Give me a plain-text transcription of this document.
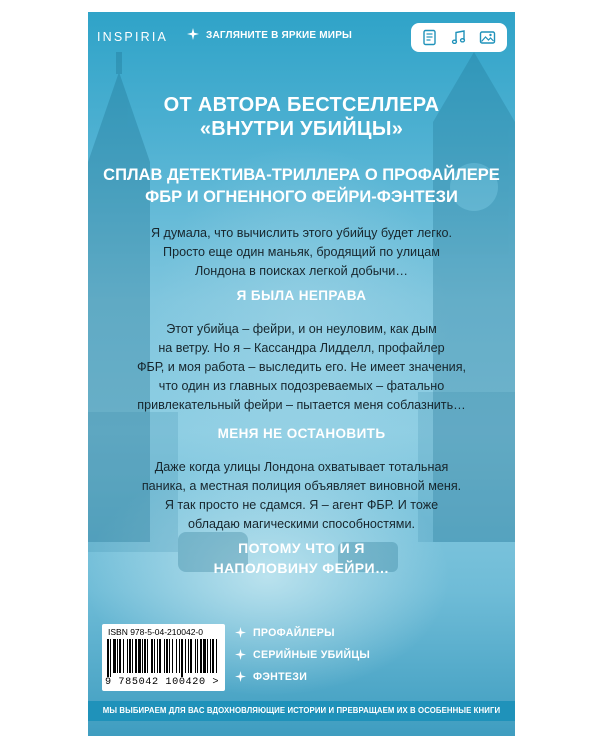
INSPIRIA	ЗАГЛЯНИТЕ В ЯРКИЕ МИРЫ
ОТ АВТОРА БЕСТСЕЛЛЕРА
«ВНУТРИ УБИЙЦЫ»
СПЛАВ ДЕТЕКТИВА-ТРИЛЛЕРА О ПРОФАЙЛЕРЕ
ФБР И ОГНЕННОГО ФЕЙРИ-ФЭНТЕЗИ
Я думала, что вычислить этого убийцу будет легко.
Просто еще один маньяк, бродящий по улицам
Лондона в поисках легкой добычи…
Я БЫЛА НЕПРАВА
Этот убийца – фейри, и он неуловим, как дым
на ветру. Но я – Кассандра Лидделл, профайлер
ФБР, и моя работа – выследить его. Не имеет значения,
что один из главных подозреваемых – фатально
привлекательный фейри – пытается меня соблазнить…
МЕНЯ НЕ ОСТАНОВИТЬ
Даже когда улицы Лондона охватывает тотальная
паника, а местная полиция объявляет виновной меня.
Я так просто не сдамся. Я – агент ФБР. И тоже
обладаю магическими способностями.
ПОТОМУ ЧТО И Я
НАПОЛОВИНУ ФЕЙРИ…
ISBN 978-5-04-210042-0
9 785042 100420 >
ПРОФАЙЛЕРЫ
СЕРИЙНЫЕ УБИЙЦЫ
ФЭНТЕЗИ
МЫ ВЫБИРАЕМ ДЛЯ ВАС ВДОХНОВЛЯЮЩИЕ ИСТОРИИ И ПРЕВРАЩАЕМ ИХ В ОСОБЕННЫЕ КНИГИ
